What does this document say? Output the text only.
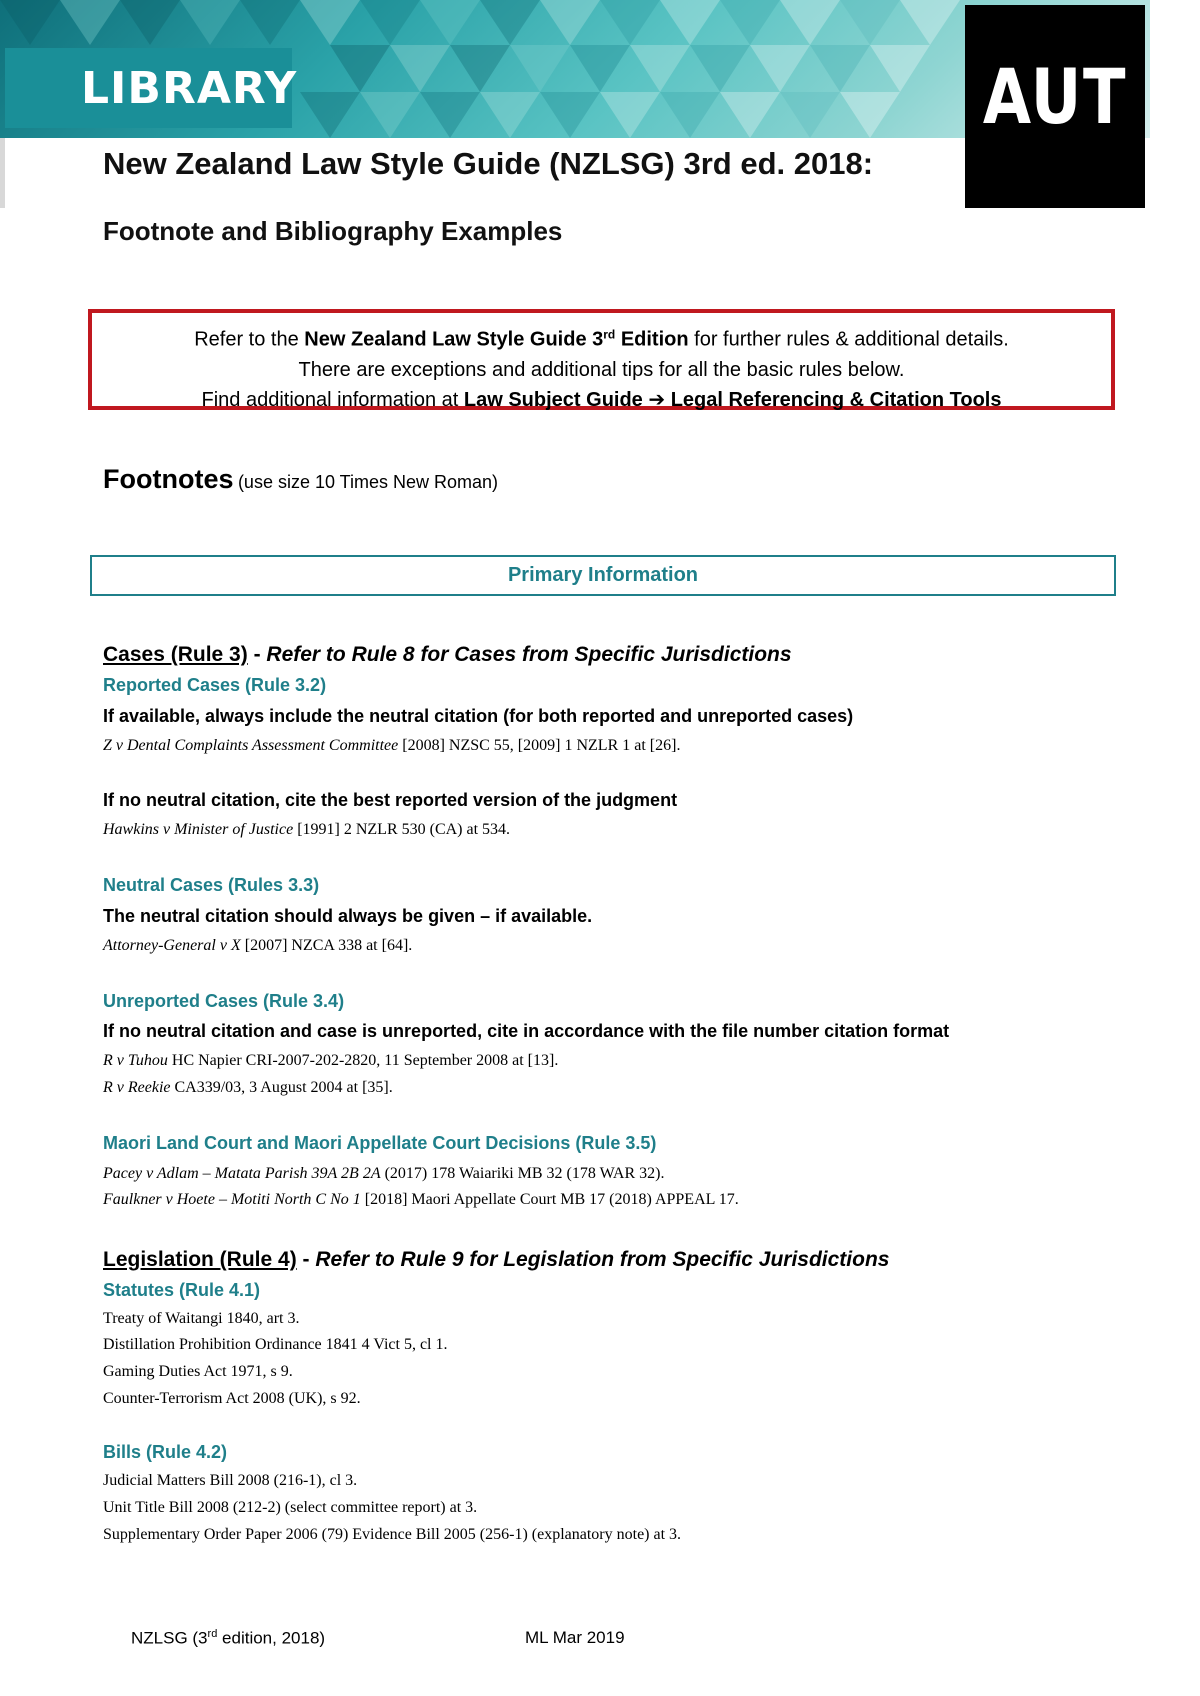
LIBRARY	AUT
New Zealand Law Style Guide (NZLSG) 3rd ed. 2018:
Footnote and Bibliography Examples
Refer to the New Zealand Law Style Guide 3rd Edition for further rules & additional details.
There are exceptions and additional tips for all the basic rules below.
Find additional information at Law Subject Guide ➔ Legal Referencing & Citation Tools
Footnotes (use size 10 Times New Roman)
Primary Information
Cases (Rule 3) - Refer to Rule 8 for Cases from Specific Jurisdictions
Reported Cases (Rule 3.2)
If available, always include the neutral citation (for both reported and unreported cases)
Z v Dental Complaints Assessment Committee [2008] NZSC 55, [2009] 1 NZLR 1 at [26].
If no neutral citation, cite the best reported version of the judgment
Hawkins v Minister of Justice [1991] 2 NZLR 530 (CA) at 534.
Neutral Cases (Rules 3.3)
The neutral citation should always be given – if available.
Attorney-General v X [2007] NZCA 338 at [64].
Unreported Cases (Rule 3.4)
If no neutral citation and case is unreported, cite in accordance with the file number citation format
R v Tuhou HC Napier CRI-2007-202-2820, 11 September 2008 at [13].
R v Reekie CA339/03, 3 August 2004 at [35].
Maori Land Court and Maori Appellate Court Decisions (Rule 3.5)
Pacey v Adlam – Matata Parish 39A 2B 2A (2017) 178 Waiariki MB 32 (178 WAR 32).
Faulkner v Hoete – Motiti North C No 1 [2018] Maori Appellate Court MB 17 (2018) APPEAL 17.
Legislation (Rule 4) - Refer to Rule 9 for Legislation from Specific Jurisdictions
Statutes (Rule 4.1)
Treaty of Waitangi 1840, art 3.
Distillation Prohibition Ordinance 1841 4 Vict 5, cl 1.
Gaming Duties Act 1971, s 9.
Counter-Terrorism Act 2008 (UK), s 92.
Bills (Rule 4.2)
Judicial Matters Bill 2008 (216-1), cl 3.
Unit Title Bill 2008 (212-2) (select committee report) at 3.
Supplementary Order Paper 2006 (79) Evidence Bill 2005 (256-1) (explanatory note) at 3.
NZLSG (3rd edition, 2018)	ML Mar 2019
